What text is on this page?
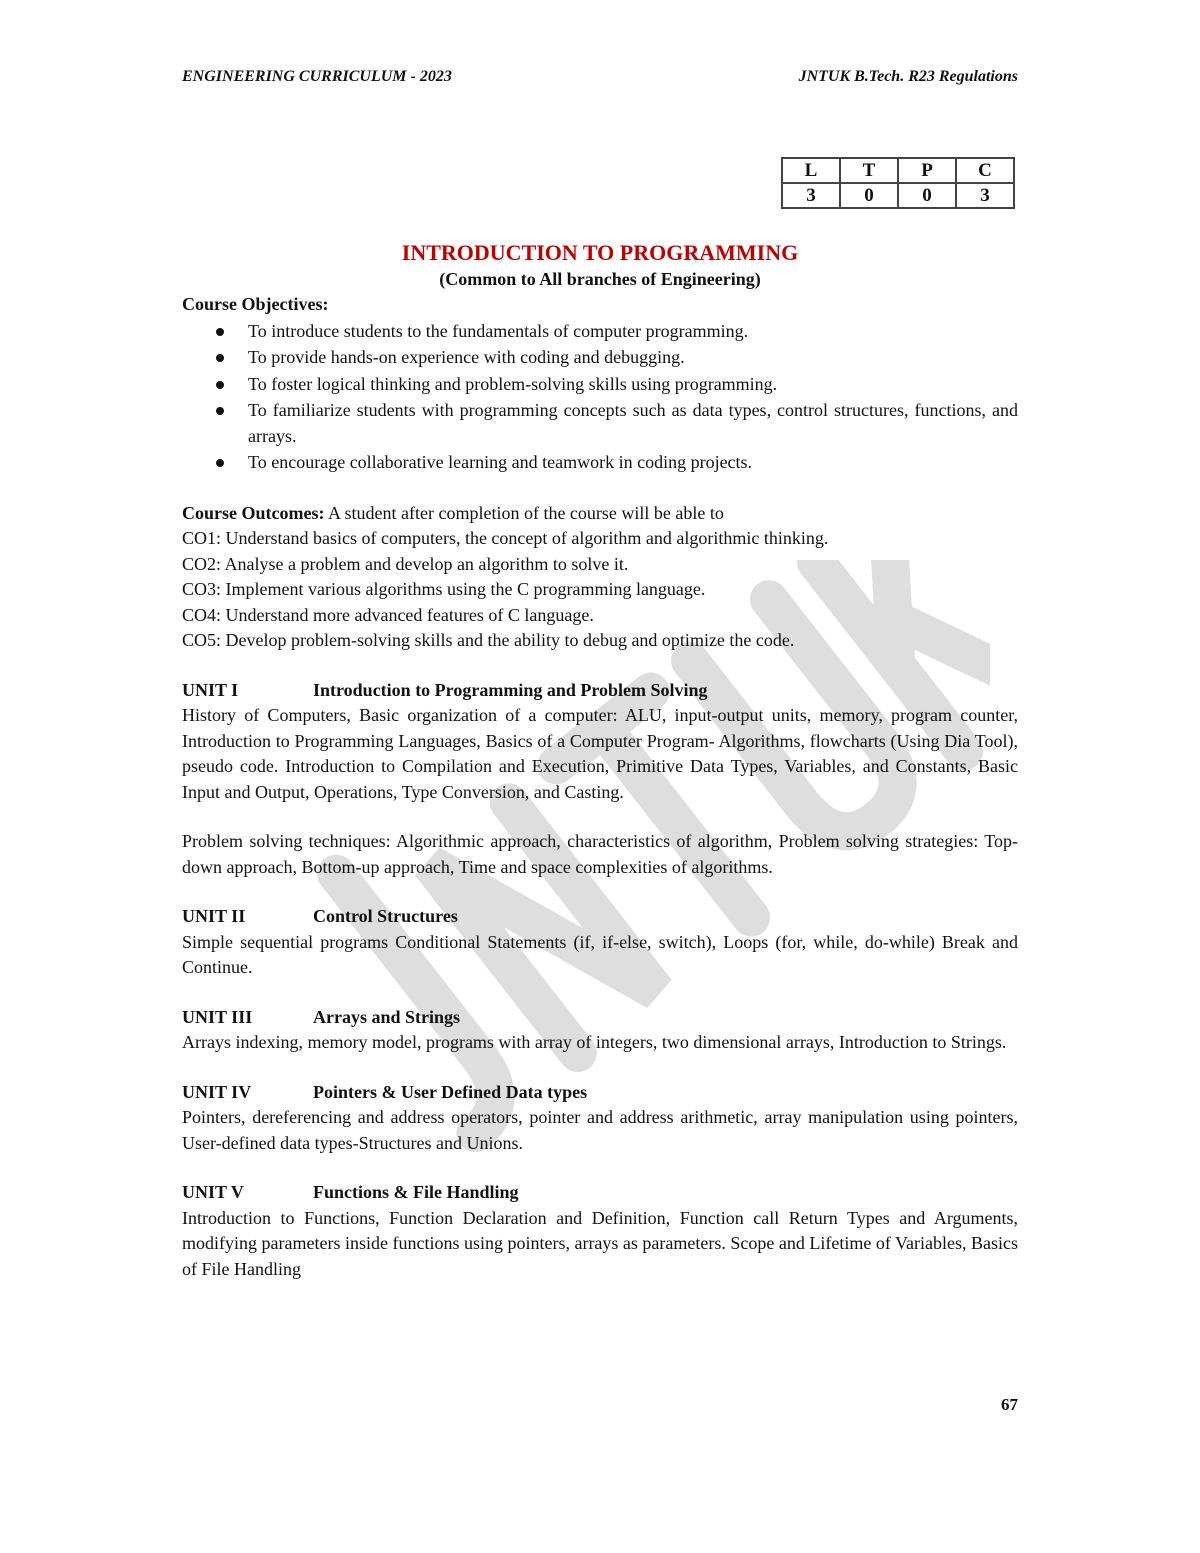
ENGINEERING CURRICULUM - 2023	JNTUK B.Tech. R23 Regulations
L	T	P	C
3	0	0	3
INTRODUCTION TO PROGRAMMING
(Common to All branches of Engineering)
Course Objectives:
To introduce students to the fundamentals of computer programming.
To provide hands-on experience with coding and debugging.
To foster logical thinking and problem-solving skills using programming.
To familiarize students with programming concepts such as data types, control structures, functions, and arrays.
To encourage collaborative learning and teamwork in coding projects.
Course Outcomes: A student after completion of the course will be able to
CO1: Understand basics of computers, the concept of algorithm and algorithmic thinking.
CO2: Analyse a problem and develop an algorithm to solve it.
CO3: Implement various algorithms using the C programming language.
CO4: Understand more advanced features of C language.
CO5: Develop problem-solving skills and the ability to debug and optimize the code.
UNIT I	Introduction to Programming and Problem Solving
History of Computers, Basic organization of a computer: ALU, input-output units, memory, program counter, Introduction to Programming Languages, Basics of a Computer Program- Algorithms, flowcharts (Using Dia Tool), pseudo code. Introduction to Compilation and Execution, Primitive Data Types, Variables, and Constants, Basic Input and Output, Operations, Type Conversion, and Casting.
Problem solving techniques: Algorithmic approach, characteristics of algorithm, Problem solving strategies: Top-down approach, Bottom-up approach, Time and space complexities of algorithms.
UNIT II	Control Structures
Simple sequential programs Conditional Statements (if, if-else, switch), Loops (for, while, do-while) Break and Continue.
UNIT III	Arrays and Strings
Arrays indexing, memory model, programs with array of integers, two dimensional arrays, Introduction to Strings.
UNIT IV	Pointers & User Defined Data types
Pointers, dereferencing and address operators, pointer and address arithmetic, array manipulation using pointers, User-defined data types-Structures and Unions.
UNIT V	Functions & File Handling
Introduction to Functions, Function Declaration and Definition, Function call Return Types and Arguments, modifying parameters inside functions using pointers, arrays as parameters. Scope and Lifetime of Variables, Basics of File Handling
67
